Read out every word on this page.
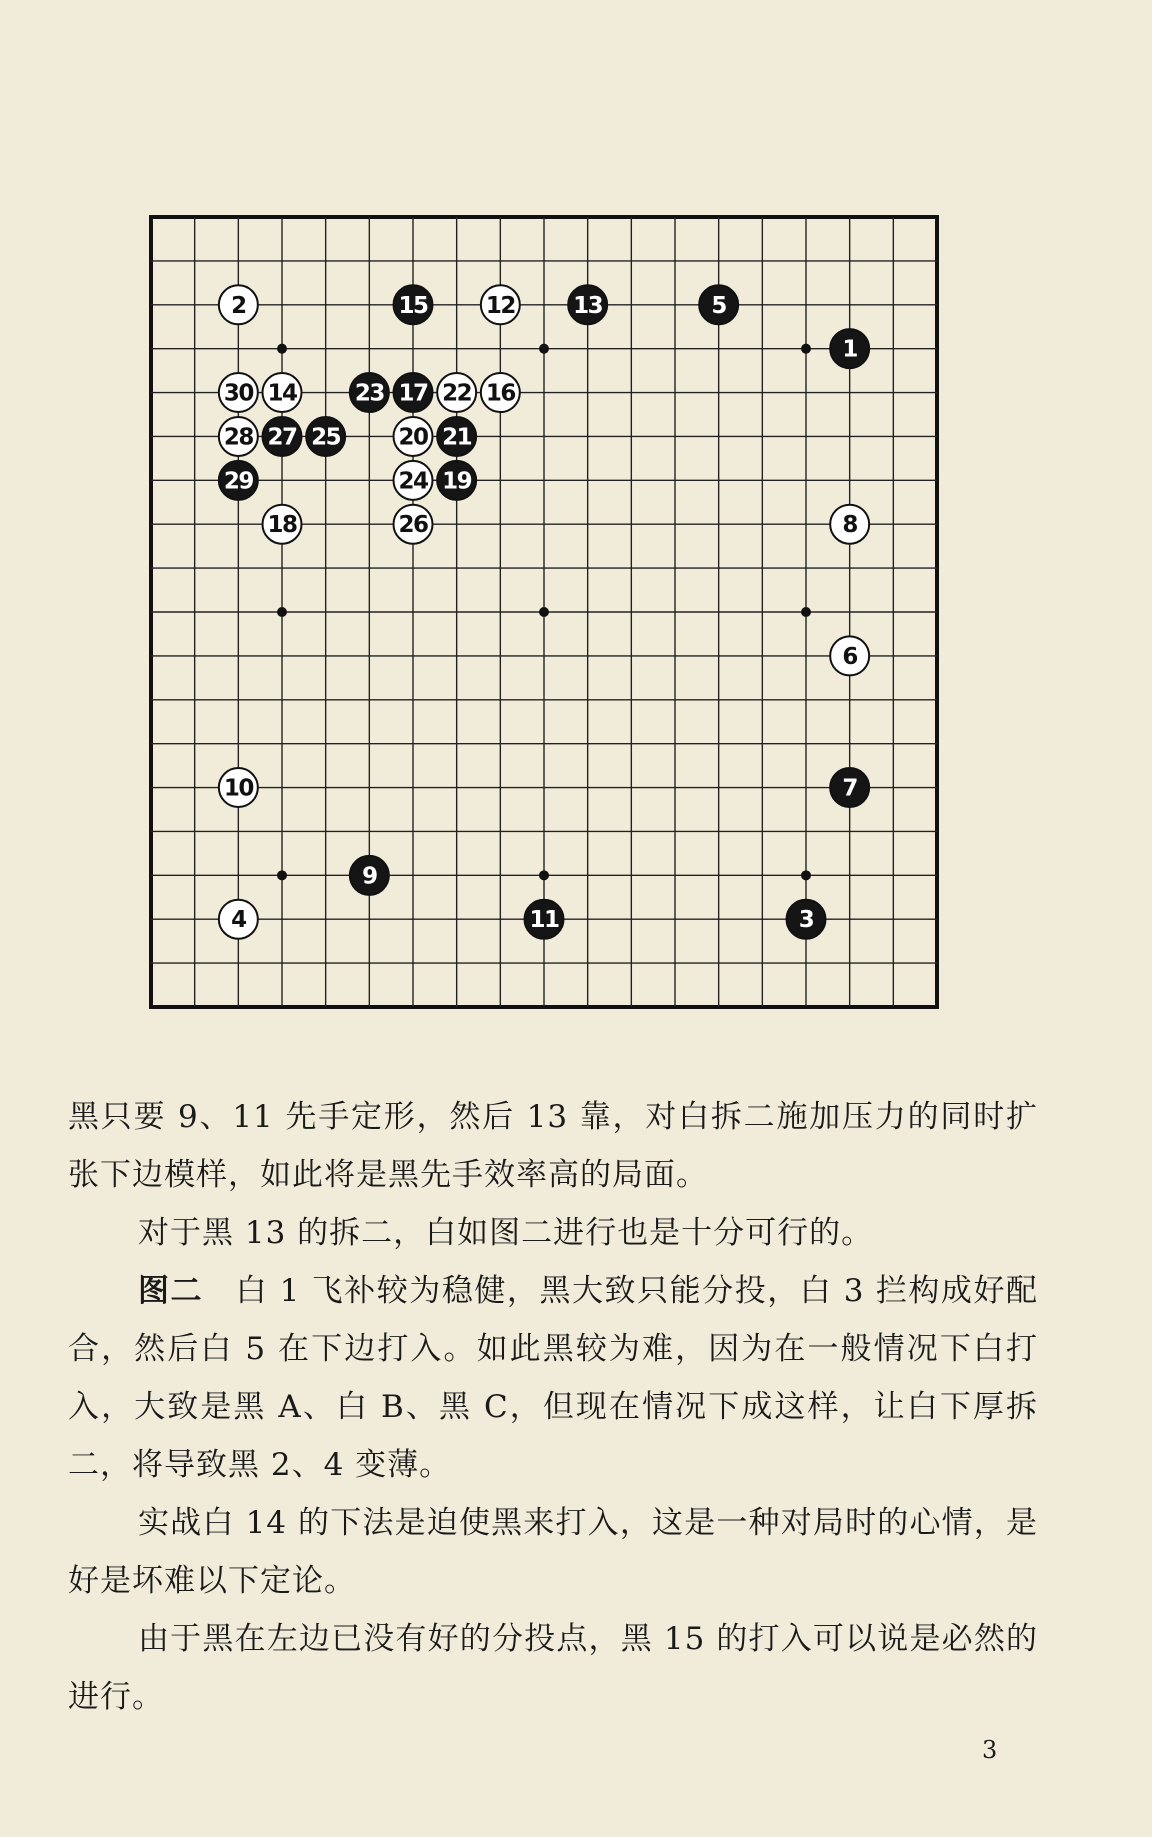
1
2
3
4
5
6
7
8
9
10
11
12	13
14
15
16
17
18
19
20 21
22
23
24
25
26
27
28
29
30

黑只要 9、11 先手定形，然后 13 靠，对白拆二施加压力的同时扩张下边模样，如此将是黑先手效率高的局面。

对于黑 13 的拆二，白如图二进行也是十分可行的。

图二　白 1 飞补较为稳健，黑大致只能分投，白 3 拦构成好配合，然后白 5 在下边打入。如此黑较为难，因为在一般情况下白打入，大致是黑 A、白 B、黑 C，但现在情况下成这样，让白下厚拆二，将导致黑 2、4 变薄。

实战白 14 的下法是迫使黑来打入，这是一种对局时的心情，是好是坏难以下定论。

由于黑在左边已没有好的分投点，黑 15 的打入可以说是必然的进行。

3
